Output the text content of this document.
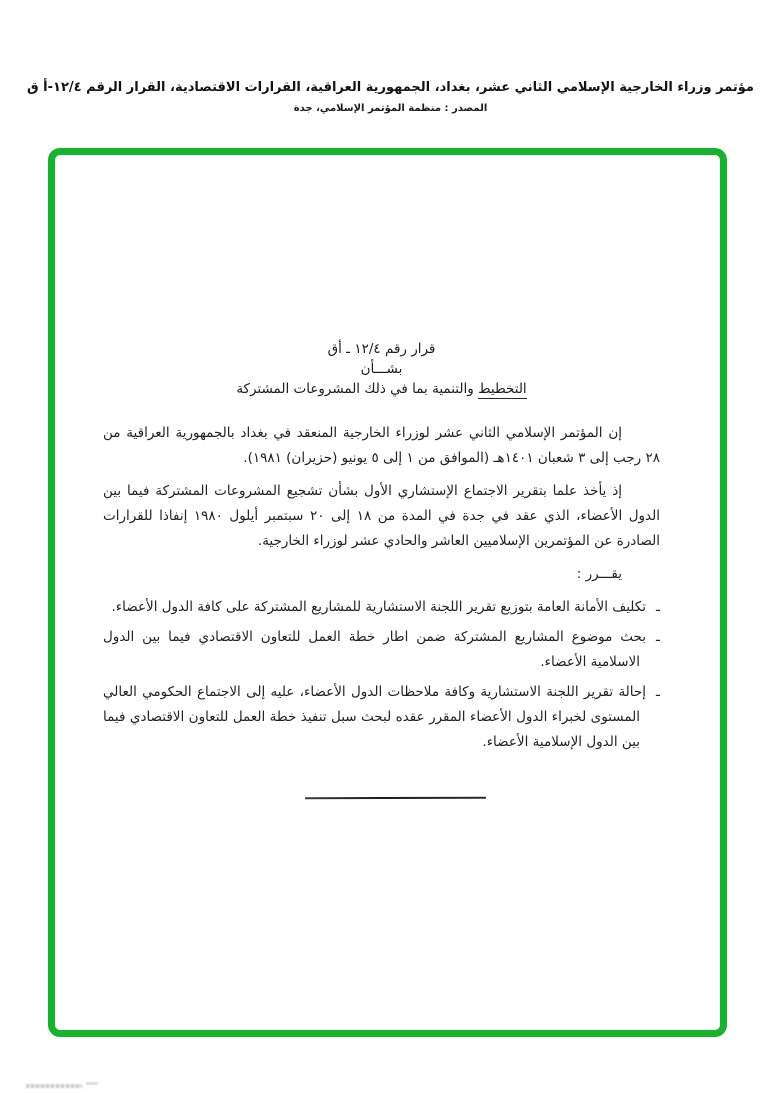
مؤتمر وزراء الخارجية الإسلامي الثاني عشر، بغداد، الجمهورية العراقية، القرارات الاقتصادية، القرار الرقم ١٢/٤-أ ق
المصدر : منظمة المؤتمر الإسلامي، جدة
قرار رقم ١٢/٤ ـ أق
بشـــأن
التخطيط والتنمية بما في ذلك المشروعات المشتركة

إن المؤتمر الإسلامي الثاني عشر لوزراء الخارجية المنعقد في بغداد بالجمهورية العراقية من ٢٨ رجب إلى ٣ شعبان ١٤٠١هـ (الموافق من ١ إلى ٥ يونيو (حزيران) ١٩٨١).

إذ يأخذ علما بتقرير الاجتماع الإستشاري الأول بشأن تشجيع المشروعات المشتركة فيما بين الدول الأعضاء، الذي عقد في جدة في المدة من ١٨ إلى ٢٠ سبتمبر أيلول ١٩٨٠ إنفاذا للقرارات الصادرة عن المؤتمرين الإسلاميين العاشر والحادي عشر لوزراء الخارجية.

يقـــرر :

ـتكليف الأمانة العامة بتوزيع تقرير اللجنة الاستشارية للمشاريع المشتركة على كافة الدول الأعضاء.
ـبحث موضوع المشاريع المشتركة ضمن اطار خطة العمل للتعاون الاقتصادي فيما بين الدول الاسلامية الأعضاء.
ـإحالة تقرير اللجنة الاستشارية وكافة ملاحظات الدول الأعضاء، عليه إلى الاجتماع الحكومي العالي المستوى لخبراء الدول الأعضاء المقرر عقده لبحث سبل تنفيذ خطة العمل للتعاون الاقتصادي فيما بين الدول الإسلامية الأعضاء.
